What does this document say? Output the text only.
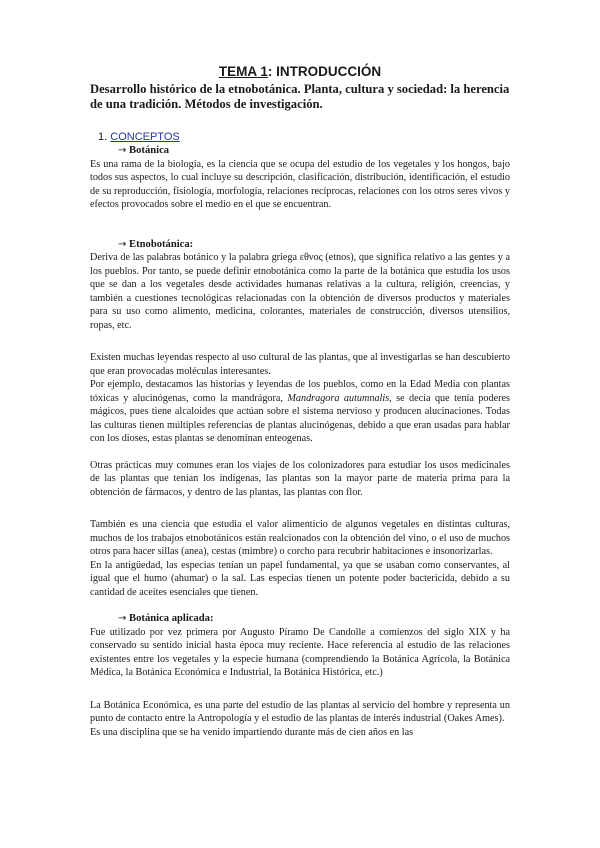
TEMA 1: INTRODUCCIÓN
Desarrollo histórico de la etnobotánica. Planta, cultura y sociedad: la herencia de una tradición. Métodos de investigación.
1. CONCEPTOS
→ Botánica

Es una rama de la biología, es la ciencia que se ocupa del estudio de los vegetales y los hongos, bajo todos sus aspectos, lo cual incluye su descripción, clasificación, distribución, identificación, el estudio de su reproducción, fisiología, morfología, relaciones recíprocas, relaciones con los otros seres vivos y efectos provocados sobre el medio en el que se encuentran.

→ Etnobotánica:

Deriva de las palabras botánico y la palabra griega εθνος (etnos), que significa relativo a las gentes y a los pueblos. Por tanto, se puede definir etnobotánica como la parte de la botánica que estudia los usos que se dan a los vegetales desde actividades humanas relativas a la cultura, religión, creencias, y también a cuestiones tecnológicas relacionadas con la obtención de diversos productos y materiales para su uso como alimento, medicina, colorantes, materiales de construcción, diversos utensilios, ropas, etc.

Existen muchas leyendas respecto al uso cultural de las plantas, que al investigarlas se han descubierto que eran provocadas moléculas interesantes.

Por ejemplo, destacamos las historias y leyendas de los pueblos, como en la Edad Media con plantas tóxicas y alucinógenas, como la mandrágora, Mandragora autumnalis, se decía que tenía poderes mágicos, pues tiene alcaloides que actúan sobre el sistema nervioso y producen alucinaciones. Todas las culturas tienen múltiples referencias de plantas alucinógenas, debido a que eran usadas para hablar con los dioses, estas plantas se denominan enteogenas.

Otras prácticas muy comunes eran los viajes de los colonizadores para estudiar los usos medicinales de las plantas que tenían los indígenas, las plantas son la mayor parte de materia prima para la obtención de fármacos, y dentro de las plantas, las plantas con flor.

También es una ciencia que estudia el valor alimenticio de algunos vegetales en distintas culturas, muchos de los trabajos etnobotánicos están realcionados con la obtención del vino, o el uso de muchos otros para hacer sillas (anea), cestas (mimbre) o corcho para recubrir habitaciones e insonorizarlas.

En la antigüedad, las especias tenían un papel fundamental, ya que se usaban como conservantes, al igual que el humo (ahumar) o la sal. Las especias tienen un potente poder bactericida, debido a su cantidad de aceites esenciales que tienen.

→ Botánica aplicada:

Fue utilizado por vez primera por Augusto Píramo De Candolle a comienzos del siglo XIX y ha conservado su sentido inicial hasta época muy reciente. Hace referencia al estudio de las relaciones existentes entre los vegetales y la especie humana (comprendiendo la Botánica Agrícola, la Botánica Médica, la Botánica Económica e Industrial, la Botánica Histórica, etc.)

La Botánica Económica, es una parte del estudio de las plantas al servicio del hombre y representa un punto de contacto entre la Antropología y el estudio de las plantas de interés industrial (Oakes Ames).

Es una disciplina que se ha venido impartiendo durante más de cien años en las
